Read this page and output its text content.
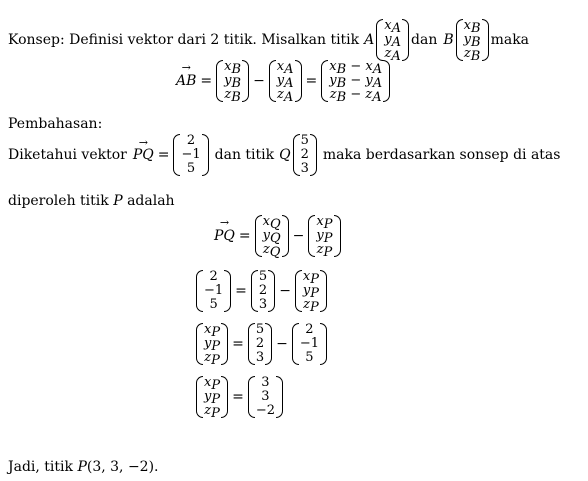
Konsep: Definisi vektor dari 2 titik. Misalkan titik A
xA
yA
zA
dan B
xB
yB
zB
maka
→ AB =
xB
yB
zB
−
xA
yA
zA
=
xB − xA
yB − yA
zB − zA
Pembahasan:
Diketahui vektor
→ PQ =
2
−1
5
dan titik Q
5
2
3
maka berdasarkan sonsep di atas
diperoleh titik P adalah
→ PQ =
xQ
yQ
zQ
−
xP
yP
zP
2
−1
5
=
5
2
3
−
xP
yP
zP
xP
yP
zP
=
5
2
3
−
2
−1
5
xP
yP
zP
=
3
3
−2
Jadi, titik P(3, 3, −2).
